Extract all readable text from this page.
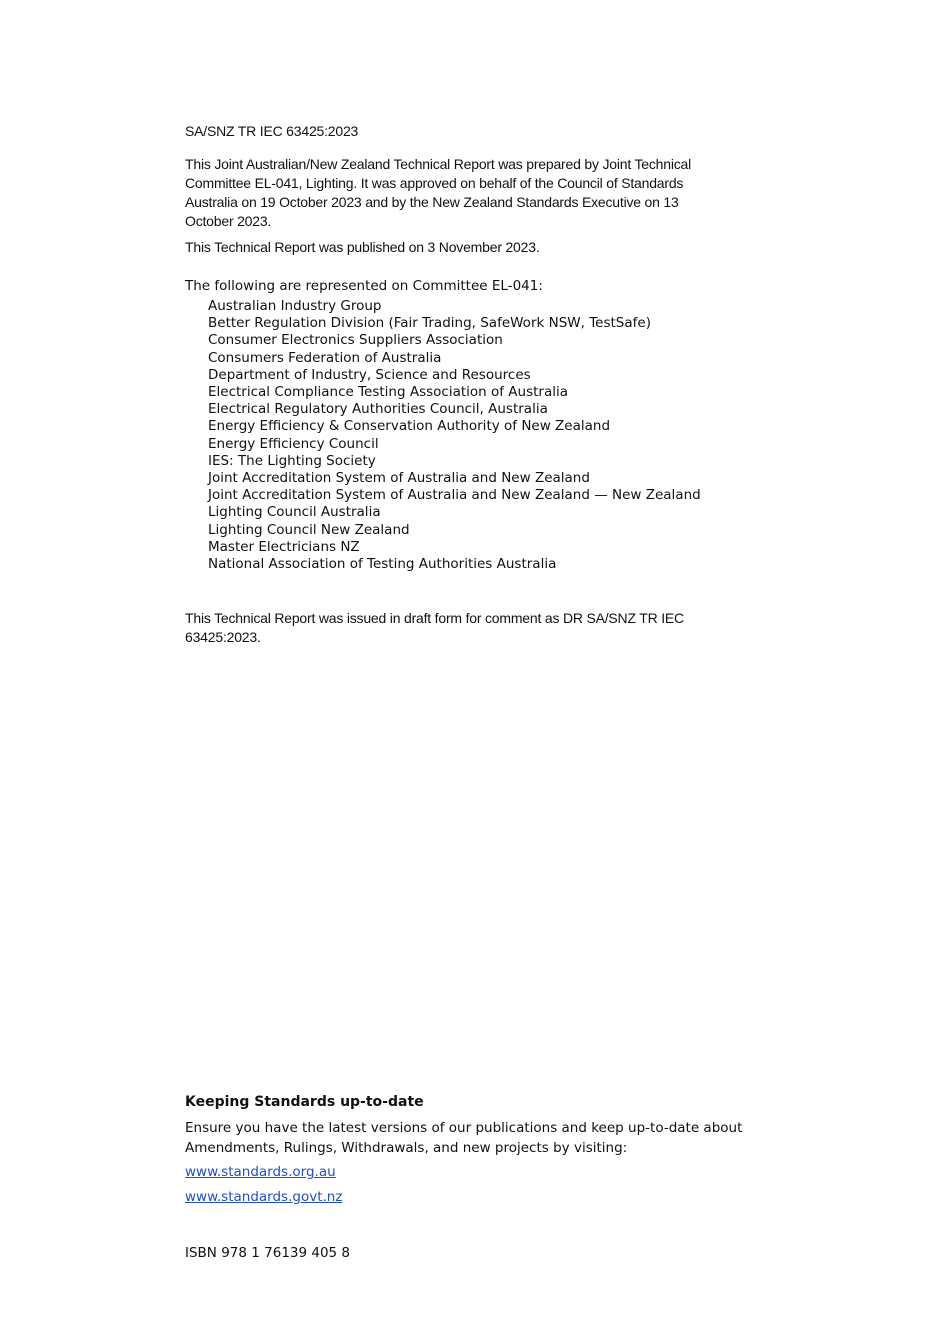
SA/SNZ TR IEC 63425:2023

This Joint Australian/New Zealand Technical Report was prepared by Joint Technical Committee EL-041, Lighting. It was approved on behalf of the Council of Standards Australia on 19 October 2023 and by the New Zealand Standards Executive on 13 October 2023.

This Technical Report was published on 3 November 2023.

The following are represented on Committee EL-041:

Australian Industry Group
Better Regulation Division (Fair Trading, SafeWork NSW, TestSafe)
Consumer Electronics Suppliers Association
Consumers Federation of Australia
Department of Industry, Science and Resources
Electrical Compliance Testing Association of Australia
Electrical Regulatory Authorities Council, Australia
Energy Efficiency & Conservation Authority of New Zealand
Energy Efficiency Council
IES: The Lighting Society
Joint Accreditation System of Australia and New Zealand
Joint Accreditation System of Australia and New Zealand — New Zealand
Lighting Council Australia
Lighting Council New Zealand
Master Electricians NZ
National Association of Testing Authorities Australia

This Technical Report was issued in draft form for comment as DR SA/SNZ TR IEC 63425:2023.

Keeping Standards up-to-date

Ensure you have the latest versions of our publications and keep up-to-date about Amendments, Rulings, Withdrawals, and new projects by visiting:

www.standards.org.au

www.standards.govt.nz

ISBN 978 1 76139 405 8
